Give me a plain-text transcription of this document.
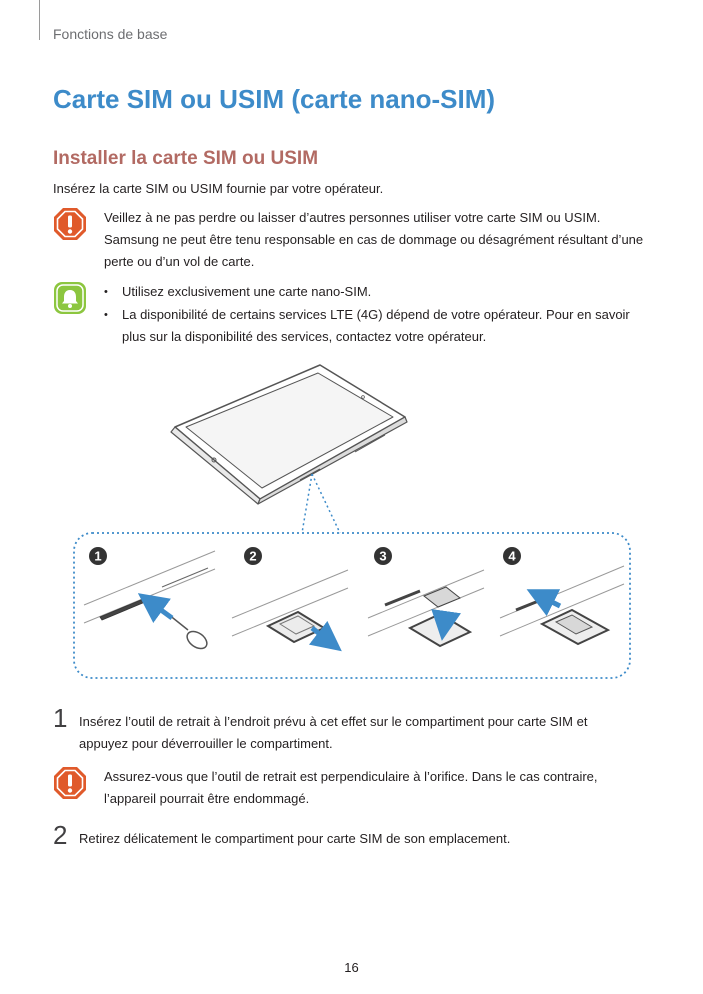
Fonctions de base
Carte SIM ou USIM (carte nano-SIM)
Installer la carte SIM ou USIM
Insérez la carte SIM ou USIM fournie par votre opérateur.
Veillez à ne pas perdre ou laisser d’autres personnes utiliser votre carte SIM ou USIM. Samsung ne peut être tenu responsable en cas de dommage ou désagrément résultant d’une perte ou d’un vol de carte.
• Utilisez exclusivement une carte nano-SIM.
• La disponibilité de certains services LTE (4G) dépend de votre opérateur. Pour en savoir plus sur la disponibilité des services, contactez votre opérateur.
1	2	3	4
1 Insérez l’outil de retrait à l’endroit prévu à cet effet sur le compartiment pour carte SIM et appuyez pour déverrouiller le compartiment.
Assurez-vous que l’outil de retrait est perpendiculaire à l’orifice. Dans le cas contraire, l’appareil pourrait être endommagé.
2 Retirez délicatement le compartiment pour carte SIM de son emplacement.
16
